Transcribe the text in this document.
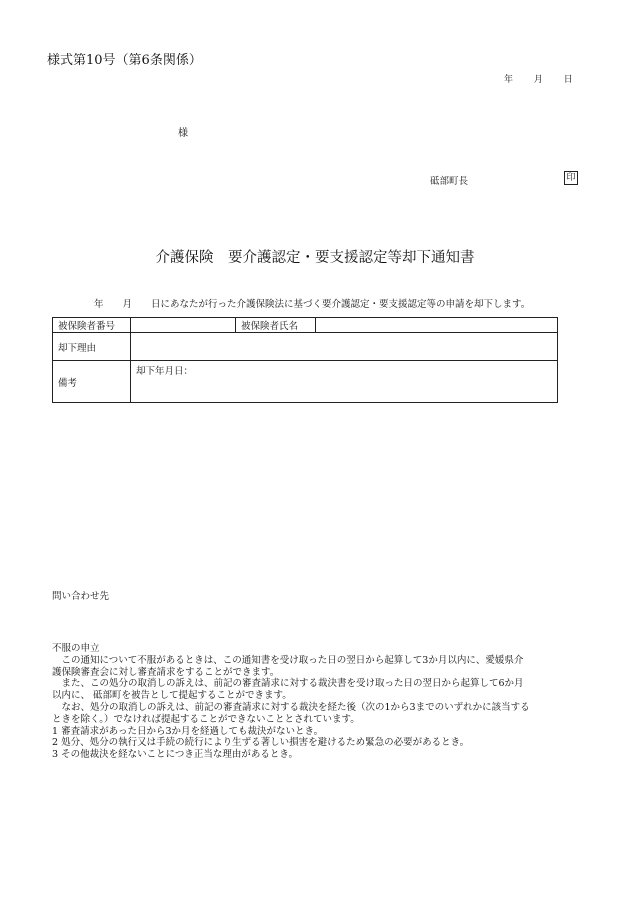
様式第10号（第6条関係）
年 月 日
様
砥部町長	印
介護保険　要介護認定・要支援認定等却下通知書
年　　月　　日にあなたが行った介護保険法に基づく要介護認定・要支援認定等の申請を却下します。
被保険者番号		被保険者氏名	
却下理由			
備考	却下年月日：		
問い合わせ先
不服の申立
　この通知について不服があるときは、この通知書を受け取った日の翌日から起算して3か月以内に、愛媛県介
護保険審査会に対し審査請求をすることができます。
　また、この処分の取消しの訴えは、前記の審査請求に対する裁決書を受け取った日の翌日から起算して6か月
以内に、 砥部町を被告として提起することができます。
　なお、処分の取消しの訴えは、前記の審査請求に対する裁決を経た後（次の1から3までのいずれかに該当する
ときを除く。）でなければ提起することができないこととされています。
1 審査請求があった日から3か月を経過しても裁決がないとき。
2 処分、処分の執行又は手続の続行により生ずる著しい損害を避けるため緊急の必要があるとき。
3 その他裁決を経ないことにつき正当な理由があるとき。
